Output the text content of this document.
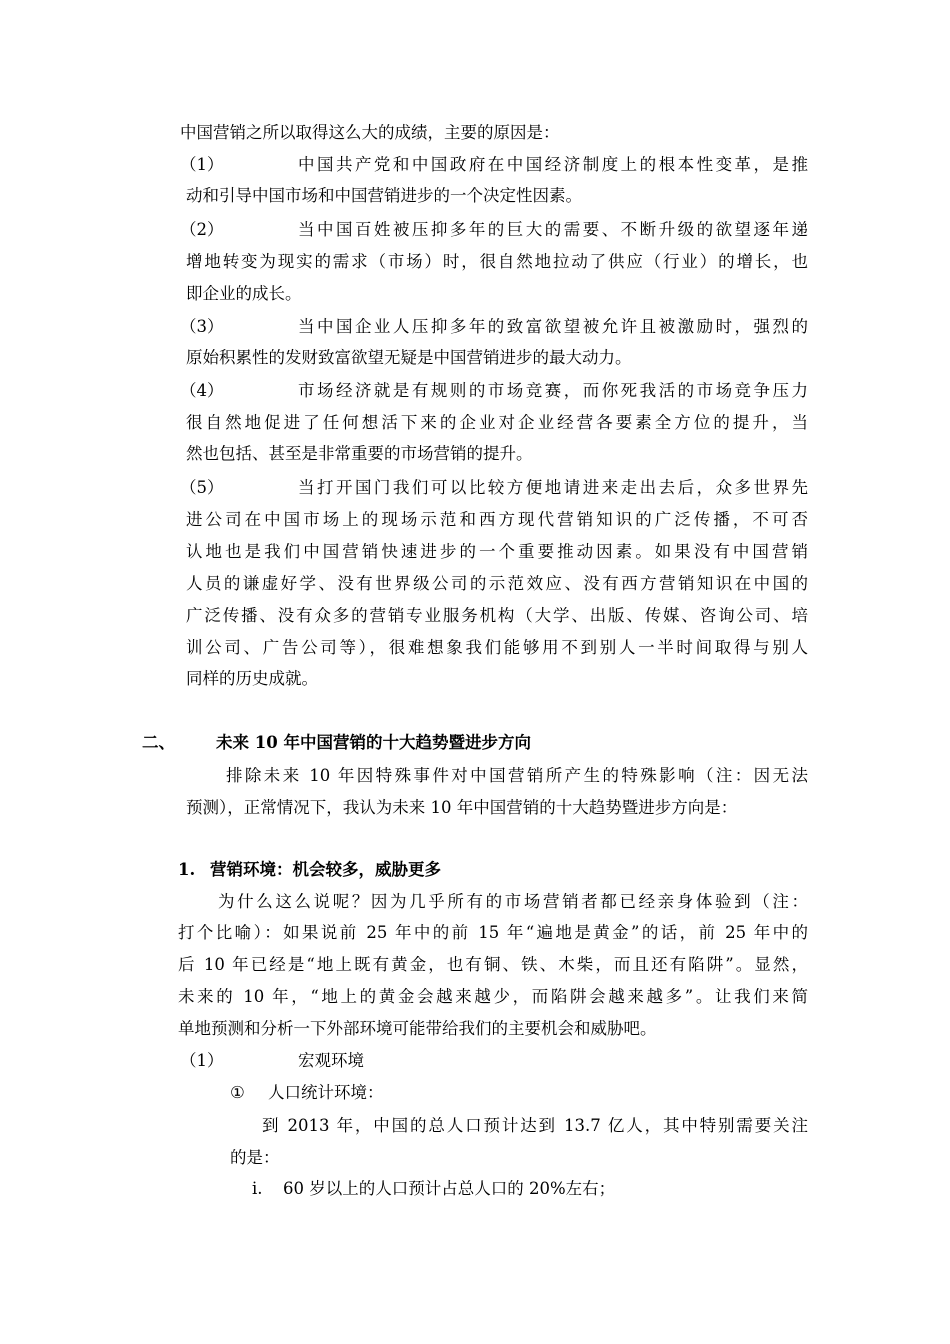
中国营销之所以取得这么大的成绩，主要的原因是：
（1）	中国共产党和中国政府在中国经济制度上的根本性变革，是推
动和引导中国市场和中国营销进步的一个决定性因素。
（2）	当中国百姓被压抑多年的巨大的需要、不断升级的欲望逐年递
增地转变为现实的需求（市场）时，很自然地拉动了供应（行业）的增长，也
即企业的成长。
（3）	当中国企业人压抑多年的致富欲望被允许且被激励时，强烈的
原始积累性的发财致富欲望无疑是中国营销进步的最大动力。
（4）	市场经济就是有规则的市场竞赛，而你死我活的市场竞争压力
很自然地促进了任何想活下来的企业对企业经营各要素全方位的提升，当
然也包括、甚至是非常重要的市场营销的提升。
（5）	当打开国门我们可以比较方便地请进来走出去后，众多世界先
进公司在中国市场上的现场示范和西方现代营销知识的广泛传播，不可否
认地也是我们中国营销快速进步的一个重要推动因素。如果没有中国营销
人员的谦虚好学、没有世界级公司的示范效应、没有西方营销知识在中国的
广泛传播、没有众多的营销专业服务机构（大学、出版、传媒、咨询公司、培
训公司、广告公司等），很难想象我们能够用不到别人一半时间取得与别人
同样的历史成就。
二、 未来 10 年中国营销的十大趋势暨进步方向
排除未来 10 年因特殊事件对中国营销所产生的特殊影响（注：因无法
预测），正常情况下，我认为未来 10 年中国营销的十大趋势暨进步方向是：
1. 营销环境：机会较多，威胁更多
为什么这么说呢？因为几乎所有的市场营销者都已经亲身体验到（注：
打个比喻）：如果说前 25 年中的前 15 年“遍地是黄金”的话，前 25 年中的
后 10 年已经是“地上既有黄金，也有铜、铁、木柴，而且还有陷阱”。显然，
未来的 10 年，“地上的黄金会越来越少，而陷阱会越来越多”。让我们来简
单地预测和分析一下外部环境可能带给我们的主要机会和威胁吧。
（1）	宏观环境
① 人口统计环境：
到 2013 年，中国的总人口预计达到 13.7 亿人，其中特别需要关注
的是：
ⅰ. 60 岁以上的人口预计占总人口的 20%左右；
